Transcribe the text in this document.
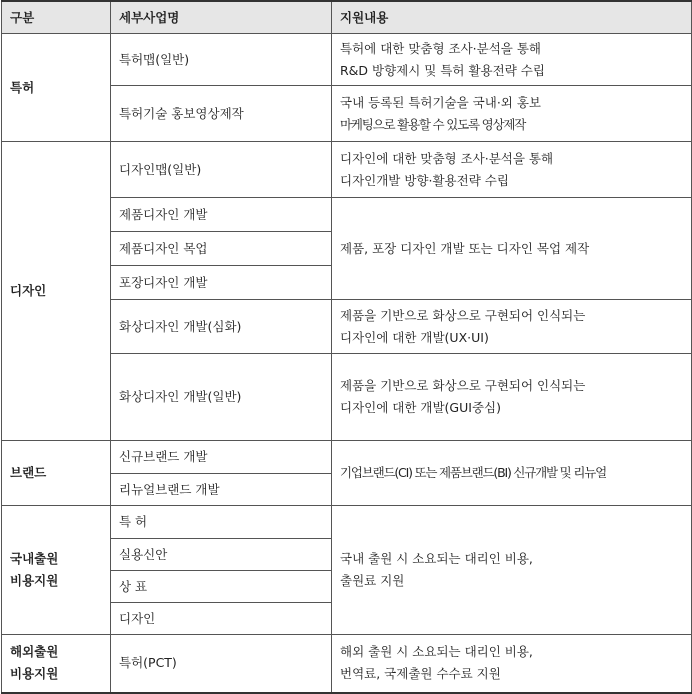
구분	세부사업명	지원내용

특허	특허맵(일반)	특허에 대한 맞춤형 조사·분석을 통해
R&D 방향제시 및 특허 활용전략 수립

	특허기술 홍보영상제작	국내 등록된 특허기술을 국내·외 홍보
마케팅으로 활용할 수 있도록 영상제작

디자인	디자인맵(일반)	디자인에 대한 맞춤형 조사·분석을 통해
디자인개발 방향·활용전략 수립

	제품디자인 개발	제품, 포장 디자인 개발 또는 디자인 목업 제작

	제품디자인 목업	
	포장디자인 개발	
	화상디자인 개발(심화)	제품을 기반으로 화상으로 구현되어 인식되는
디자인에 대한 개발(UX·UI)

	화상디자인 개발(일반)	제품을 기반으로 화상으로 구현되어 인식되는
디자인에 대한 개발(GUI중심)

브랜드	신규브랜드 개발	기업브랜드(CI) 또는 제품브랜드(BI) 신규개발 및 리뉴얼

	리뉴얼브랜드 개발	

국내출원
비용지원	특 허	국내 출원 시 소요되는 대리인 비용,
출원료 지원

	실용신안	
	상 표	
	디자인	

해외출원
비용지원	특허(PCT)	해외 출원 시 소요되는 대리인 비용,
번역료, 국제출원 수수료 지원
